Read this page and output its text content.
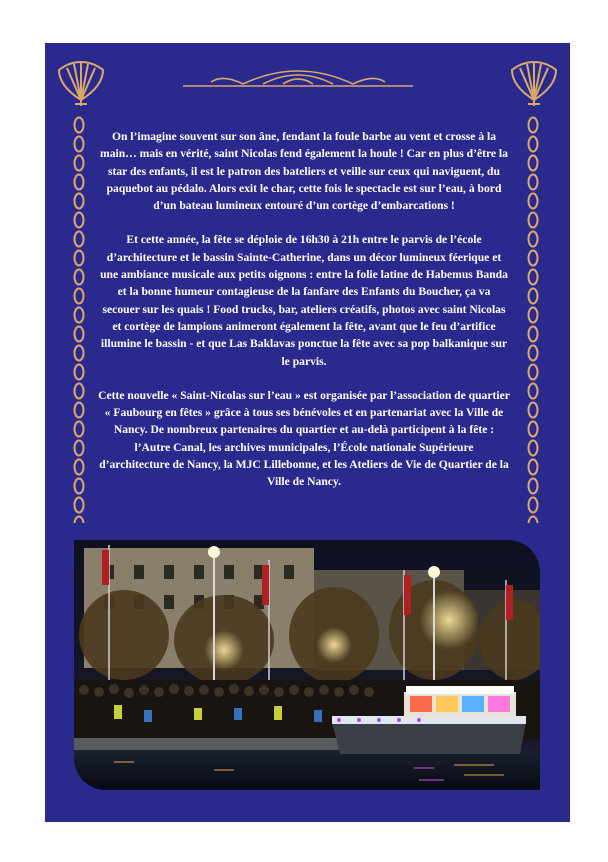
On l’imagine souvent sur son âne, fendant la foule barbe au vent et crosse à la main… mais en vérité, saint Nicolas fend également la houle ! Car en plus d’être la star des enfants, il est le patron des bateliers et veille sur ceux qui naviguent, du paquebot au pédalo. Alors exit le char, cette fois le spectacle est sur l’eau, à bord d’un bateau lumineux entouré d’un cortège d’embarcations !

Et cette année, la fête se déploie de 16h30 à 21h entre le parvis de l’école d’architecture et le bassin Sainte-Catherine, dans un décor lumineux féerique et une ambiance musicale aux petits oignons : entre la folie latine de Habemus Banda et la bonne humeur contagieuse de la fanfare des Enfants du Boucher, ça va secouer sur les quais ! Food trucks, bar, ateliers créatifs, photos avec saint Nicolas et cortège de lampions animeront également la fête, avant que le feu d’artifice illumine le bassin - et que Las Baklavas ponctue la fête avec sa pop balkanique sur le parvis.

Cette nouvelle « Saint-Nicolas sur l’eau » est organisée par l’association de quartier « Faubourg en fêtes » grâce à tous ses bénévoles et en partenariat avec la Ville de Nancy. De nombreux partenaires du quartier et au-delà participent à la fête : l’Autre Canal, les archives municipales, l’École nationale Supérieure d’architecture de Nancy, la MJC Lillebonne, et les Ateliers de Vie de Quartier de la Ville de Nancy.
